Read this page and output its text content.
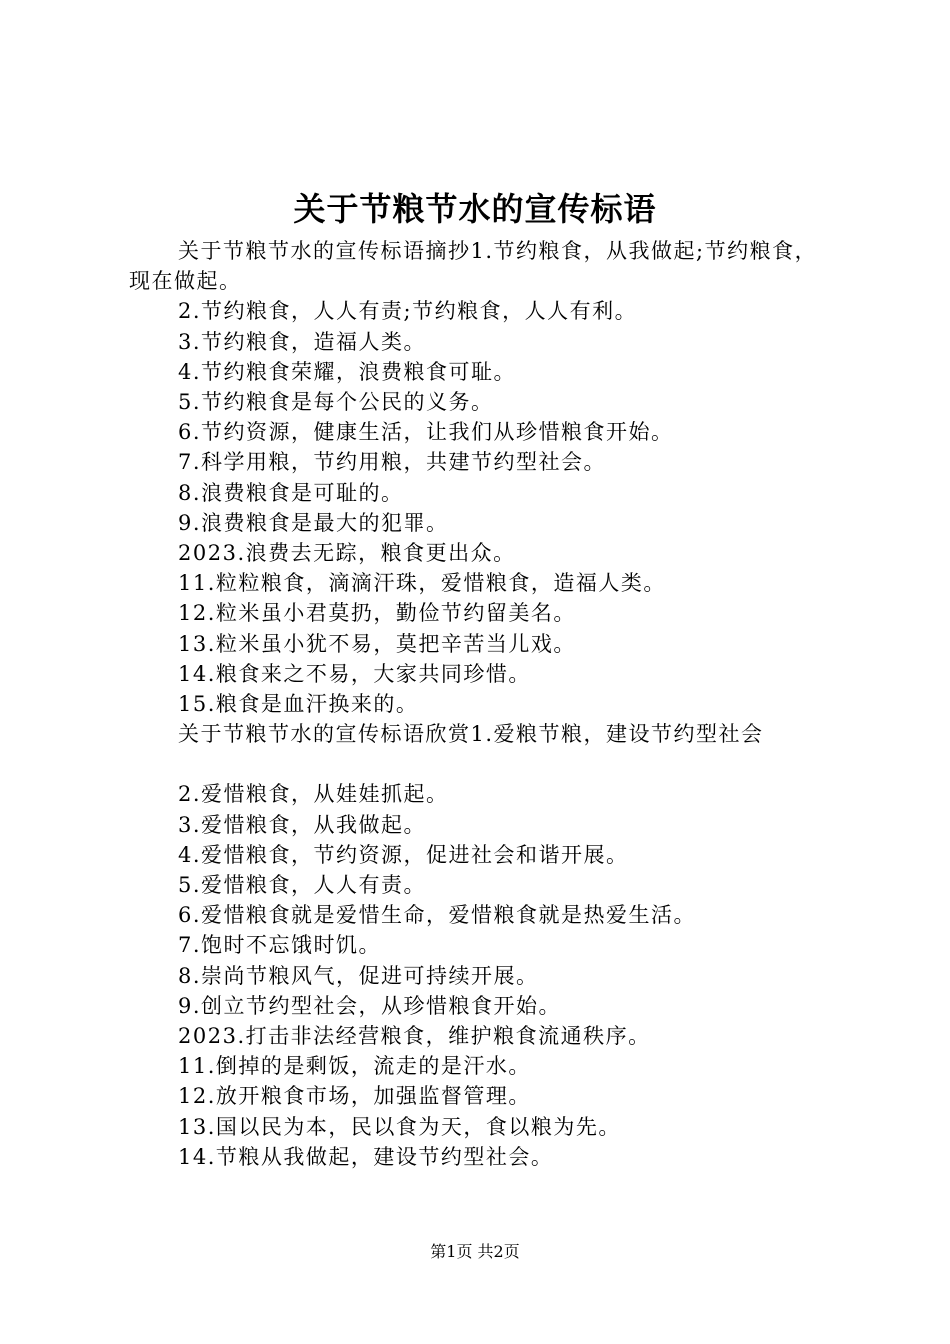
关于节粮节水的宣传标语

关于节粮节水的宣传标语摘抄1.节约粮食，从我做起;节约粮食，现在做起。

2.节约粮食，人人有责;节约粮食，人人有利。

3.节约粮食，造福人类。

4.节约粮食荣耀，浪费粮食可耻。

5.节约粮食是每个公民的义务。

6.节约资源，健康生活，让我们从珍惜粮食开始。

7.科学用粮，节约用粮，共建节约型社会。

8.浪费粮食是可耻的。

9.浪费粮食是最大的犯罪。

2023.浪费去无踪，粮食更出众。

11.粒粒粮食，滴滴汗珠，爱惜粮食，造福人类。

12.粒米虽小君莫扔，勤俭节约留美名。

13.粒米虽小犹不易，莫把辛苦当儿戏。

14.粮食来之不易，大家共同珍惜。

15.粮食是血汗换来的。

关于节粮节水的宣传标语欣赏1.爱粮节粮，建设节约型社会

2.爱惜粮食，从娃娃抓起。

3.爱惜粮食，从我做起。

4.爱惜粮食，节约资源，促进社会和谐开展。

5.爱惜粮食，人人有责。

6.爱惜粮食就是爱惜生命，爱惜粮食就是热爱生活。

7.饱时不忘饿时饥。

8.崇尚节粮风气，促进可持续开展。

9.创立节约型社会，从珍惜粮食开始。

2023.打击非法经营粮食，维护粮食流通秩序。

11.倒掉的是剩饭，流走的是汗水。

12.放开粮食市场，加强监督管理。

13.国以民为本，民以食为天，食以粮为先。

14.节粮从我做起，建设节约型社会。

第1页 共2页
